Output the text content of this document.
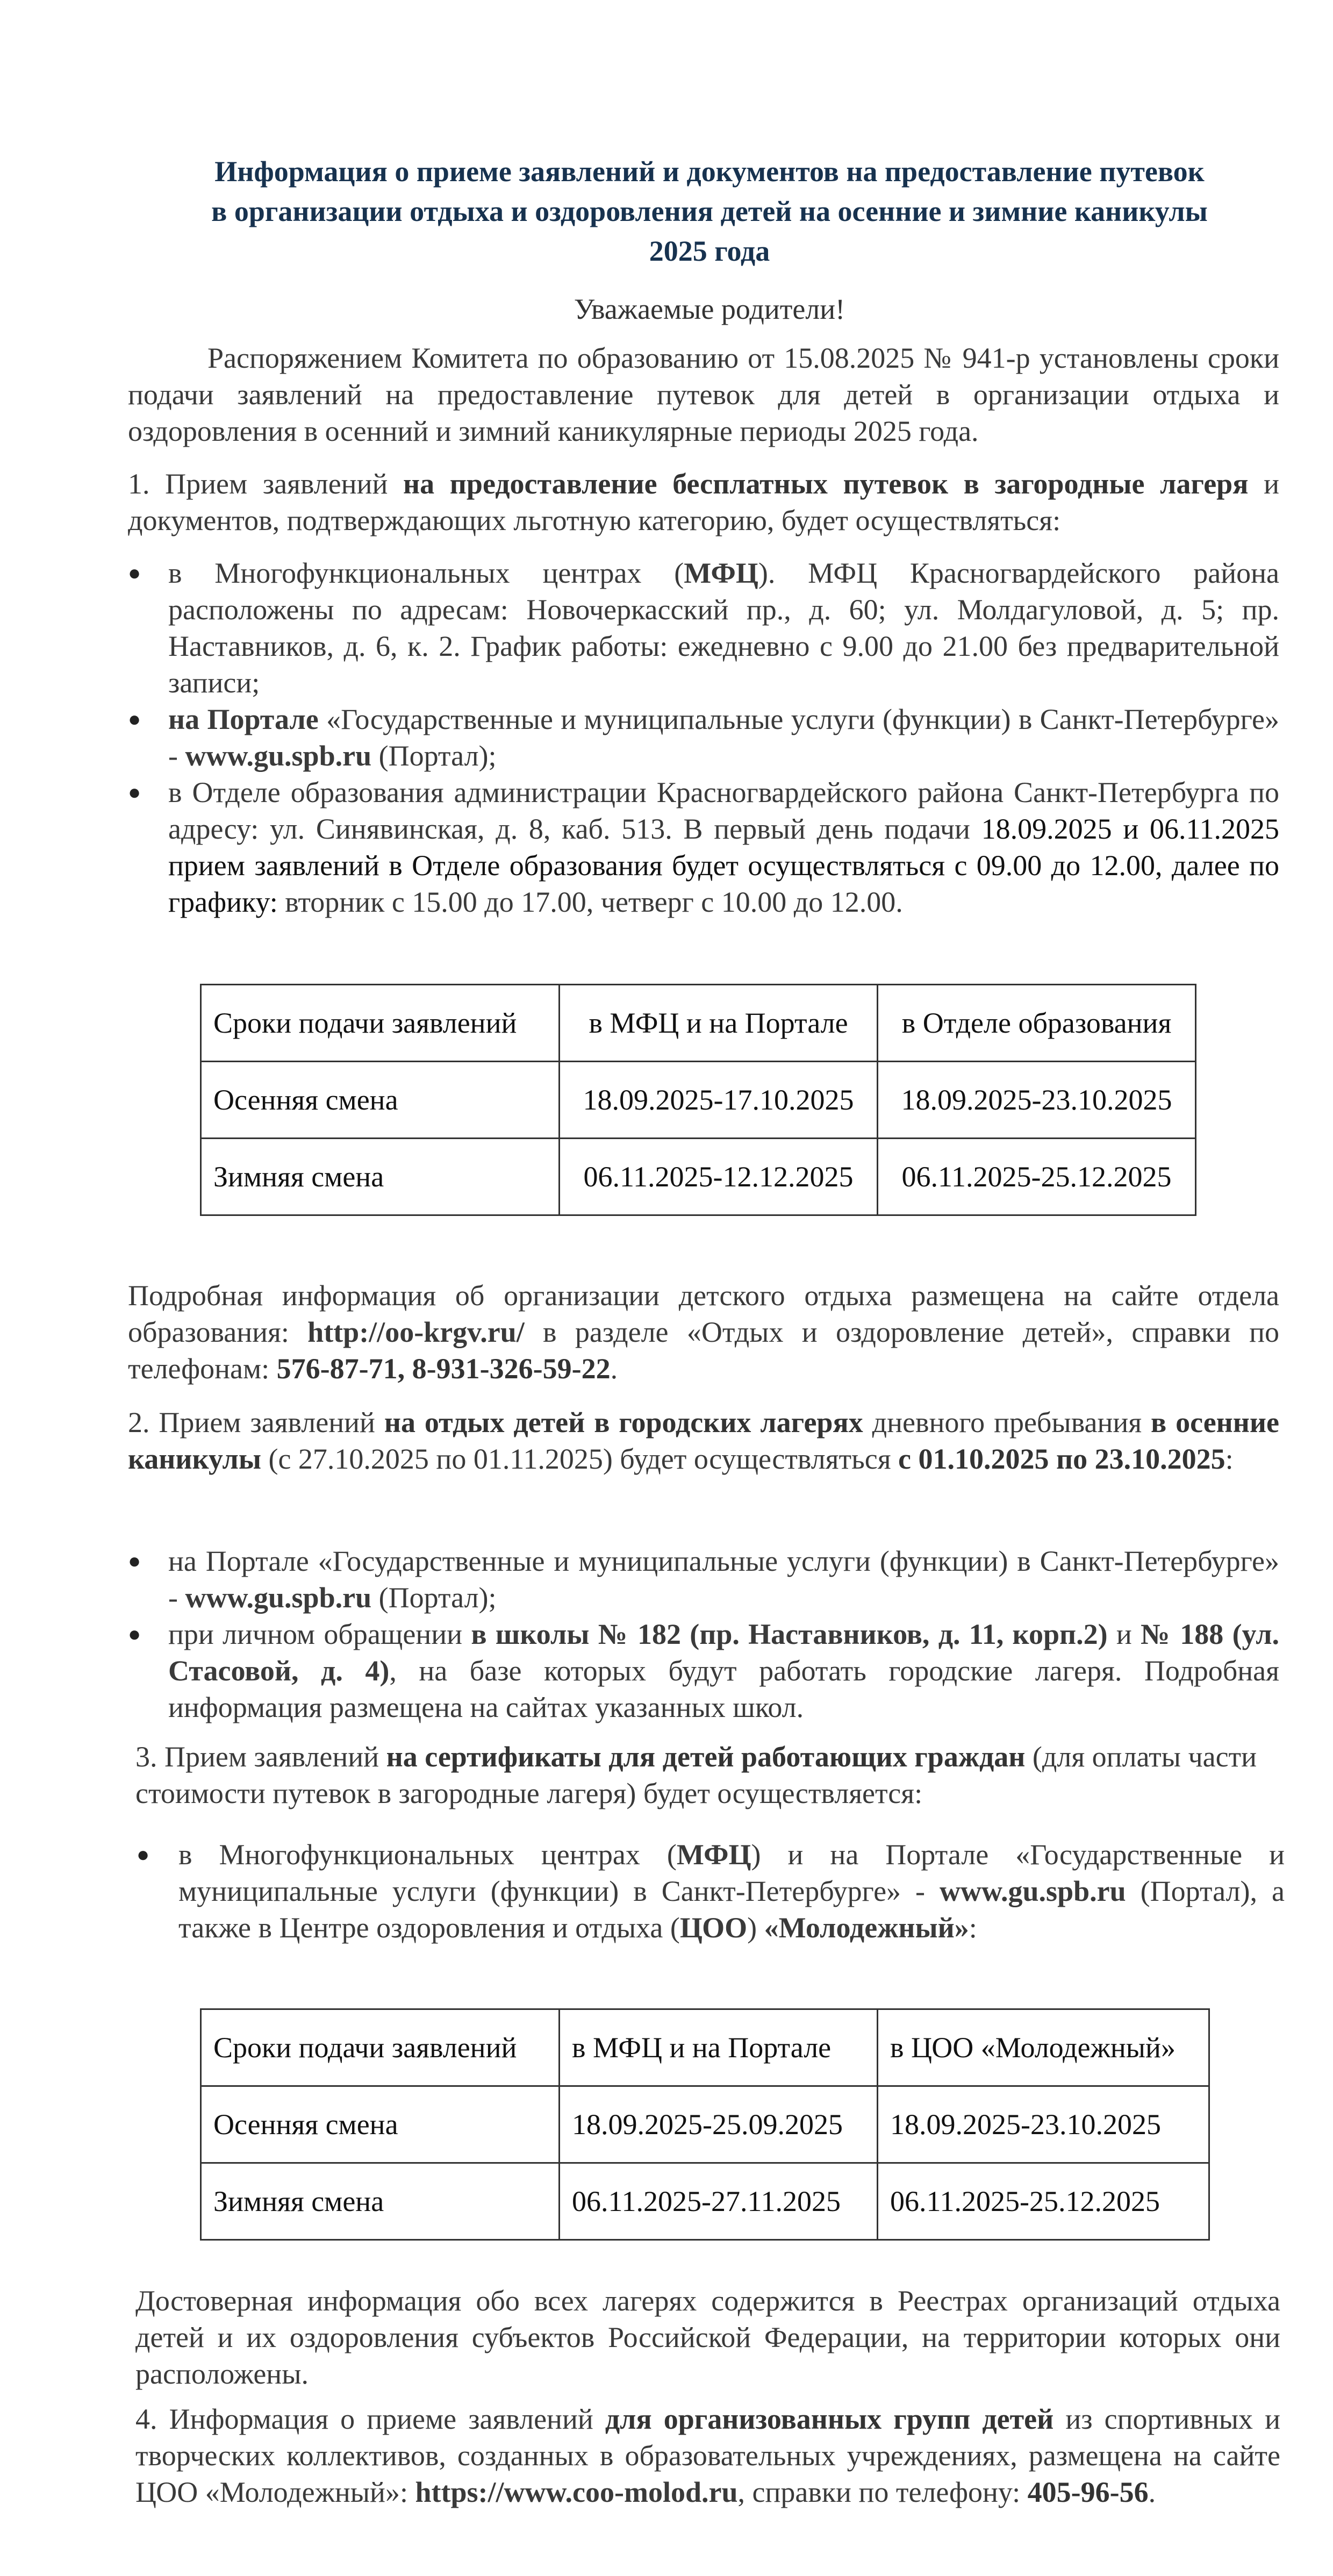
Информация о приеме заявлений и документов на предоставление путевок
в организации отдыха и оздоровления детей на осенние и зимние каникулы
2025 года
Уважаемые родители!
Распоряжением Комитета по образованию от 15.08.2025 № 941-р установлены сроки подачи заявлений на предоставление путевок для детей в организации отдыха и оздоровления в осенний и зимний каникулярные периоды 2025 года.
1. Прием заявлений на предоставление бесплатных путевок в загородные лагеря и документов, подтверждающих льготную категорию, будет осуществляться:
● в Многофункциональных центрах (МФЦ). МФЦ Красногвардейского района расположены по адресам: Новочеркасский пр., д. 60; ул. Молдагуловой, д. 5; пр. Наставников, д. 6, к. 2. График работы: ежедневно с 9.00 до 21.00 без предварительной записи;
● на Портале «Государственные и муниципальные услуги (функции) в Санкт-Петербурге» - www.gu.spb.ru (Портал);
● в Отделе образования администрации Красногвардейского района Санкт-Петербурга по адресу: ул. Синявинская, д. 8, каб. 513. В первый день подачи 18.09.2025 и 06.11.2025 прием заявлений в Отделе образования будет осуществляться с 09.00 до 12.00, далее по графику: вторник с 15.00 до 17.00, четверг с 10.00 до 12.00.
Сроки подачи заявлений	в МФЦ и на Портале	в Отделе образования
Осенняя смена	18.09.2025-17.10.2025	18.09.2025-23.10.2025
Зимняя смена	06.11.2025-12.12.2025	06.11.2025-25.12.2025
Подробная информация об организации детского отдыха размещена на сайте отдела образования: http://oo-krgv.ru/ в разделе «Отдых и оздоровление детей», справки по телефонам: 576-87-71, 8-931-326-59-22.
2. Прием заявлений на отдых детей в городских лагерях дневного пребывания в осенние каникулы (с 27.10.2025 по 01.11.2025) будет осуществляться с 01.10.2025 по 23.10.2025:
● на Портале «Государственные и муниципальные услуги (функции) в Санкт-Петербурге» - www.gu.spb.ru (Портал);
● при личном обращении в школы № 182 (пр. Наставников, д. 11, корп.2) и № 188 (ул. Стасовой, д. 4), на базе которых будут работать городские лагеря. Подробная информация размещена на сайтах указанных школ.
3. Прием заявлений на сертификаты для детей работающих граждан (для оплаты части стоимости путевок в загородные лагеря) будет осуществляется:
● в Многофункциональных центрах (МФЦ) и на Портале «Государственные и муниципальные услуги (функции) в Санкт-Петербурге» - www.gu.spb.ru (Портал), а также в Центре оздоровления и отдыха (ЦОО) «Молодежный»:
Сроки подачи заявлений	в МФЦ и на Портале	в ЦОО «Молодежный»
Осенняя смена	18.09.2025-25.09.2025	18.09.2025-23.10.2025
Зимняя смена	06.11.2025-27.11.2025	06.11.2025-25.12.2025
Достоверная информация обо всех лагерях содержится в Реестрах организаций отдыха детей и их оздоровления субъектов Российской Федерации, на территории которых они расположены.
4. Информация о приеме заявлений для организованных групп детей из спортивных и творческих коллективов, созданных в образовательных учреждениях, размещена на сайте ЦОО «Молодежный»: https://www.coo-molod.ru, справки по телефону: 405-96-56.
